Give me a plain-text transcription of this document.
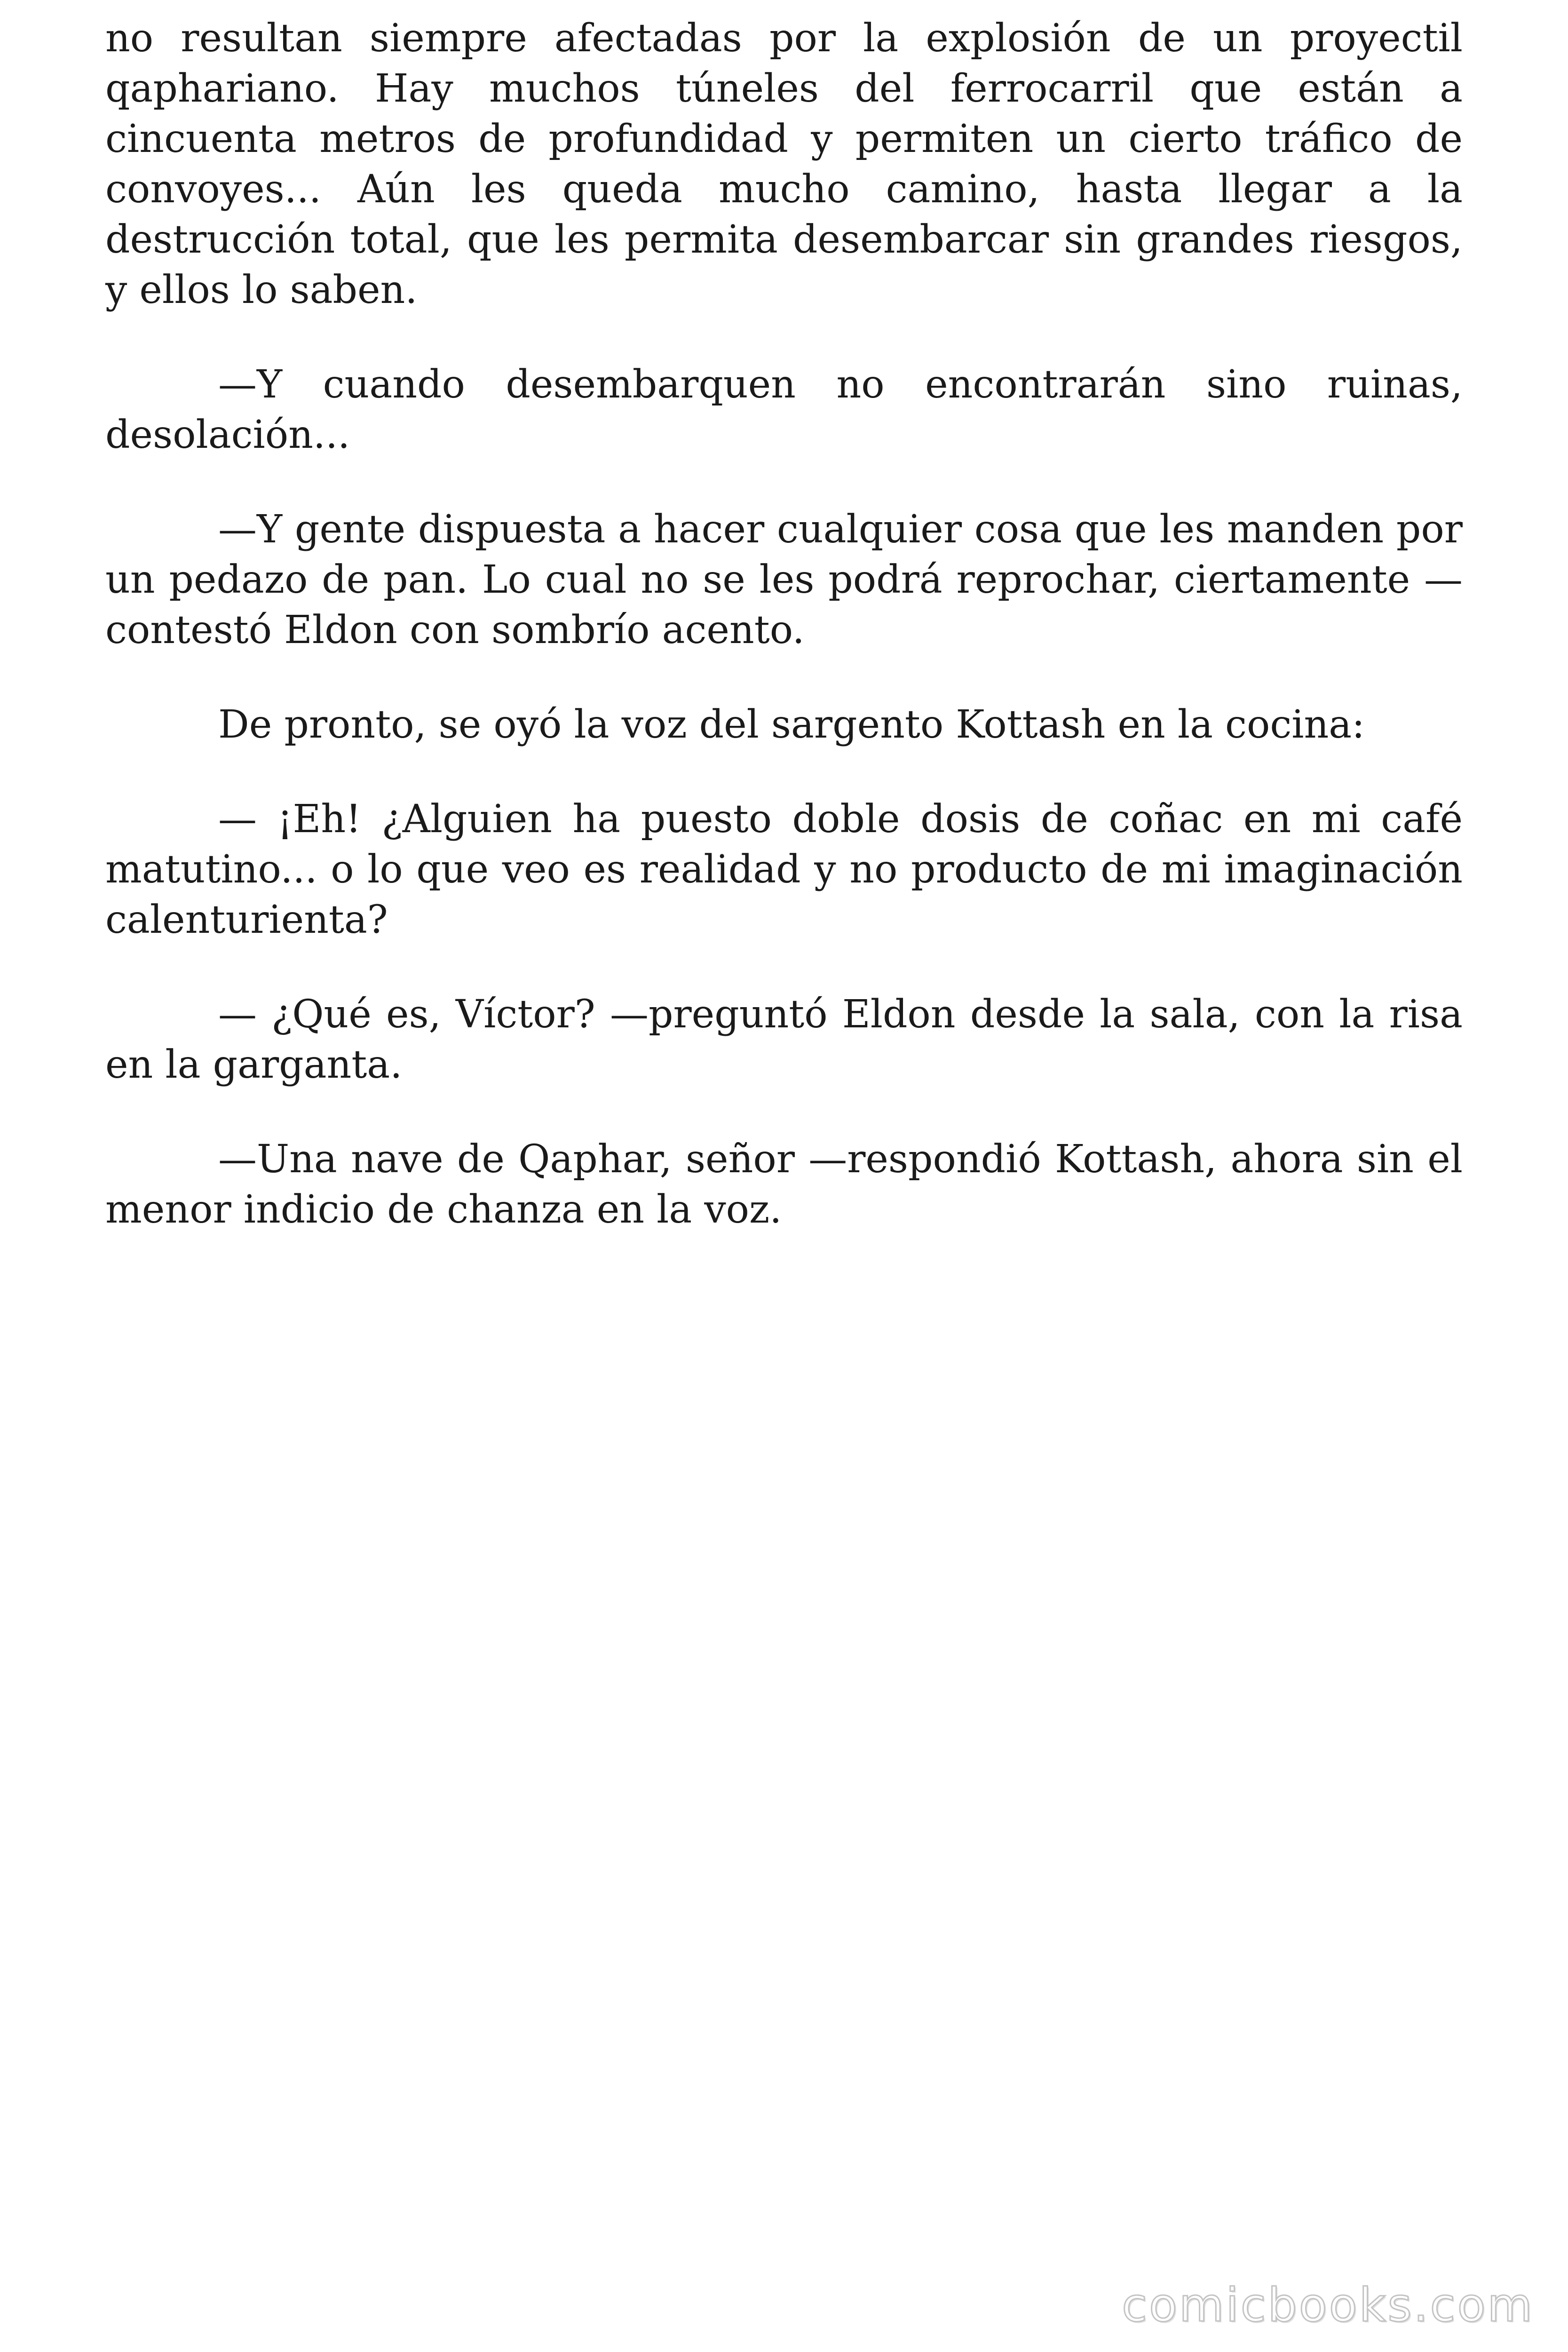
no resultan siempre afectadas por la explosión de un proyectil qaphariano. Hay muchos túneles del ferrocarril que están a cincuenta metros de profundidad y permiten un cierto tráfico de convoyes... Aún les queda mucho camino, hasta llegar a la destrucción total, que les permita desembarcar sin grandes riesgos, y ellos lo saben.

—Y cuando desembarquen no encontrarán sino ruinas, desolación...

—Y gente dispuesta a hacer cualquier cosa que les manden por un pedazo de pan. Lo cual no se les podrá reprochar, ciertamente —contestó Eldon con sombrío acento.

De pronto, se oyó la voz del sargento Kottash en la cocina:

— ¡Eh! ¿Alguien ha puesto doble dosis de coñac en mi café matutino... o lo que veo es realidad y no producto de mi imaginación calenturienta?

— ¿Qué es, Víctor? —preguntó Eldon desde la sala, con la risa en la garganta.

—Una nave de Qaphar, señor —respondió Kottash, ahora sin el menor indicio de chanza en la voz.

comicbooks.com
